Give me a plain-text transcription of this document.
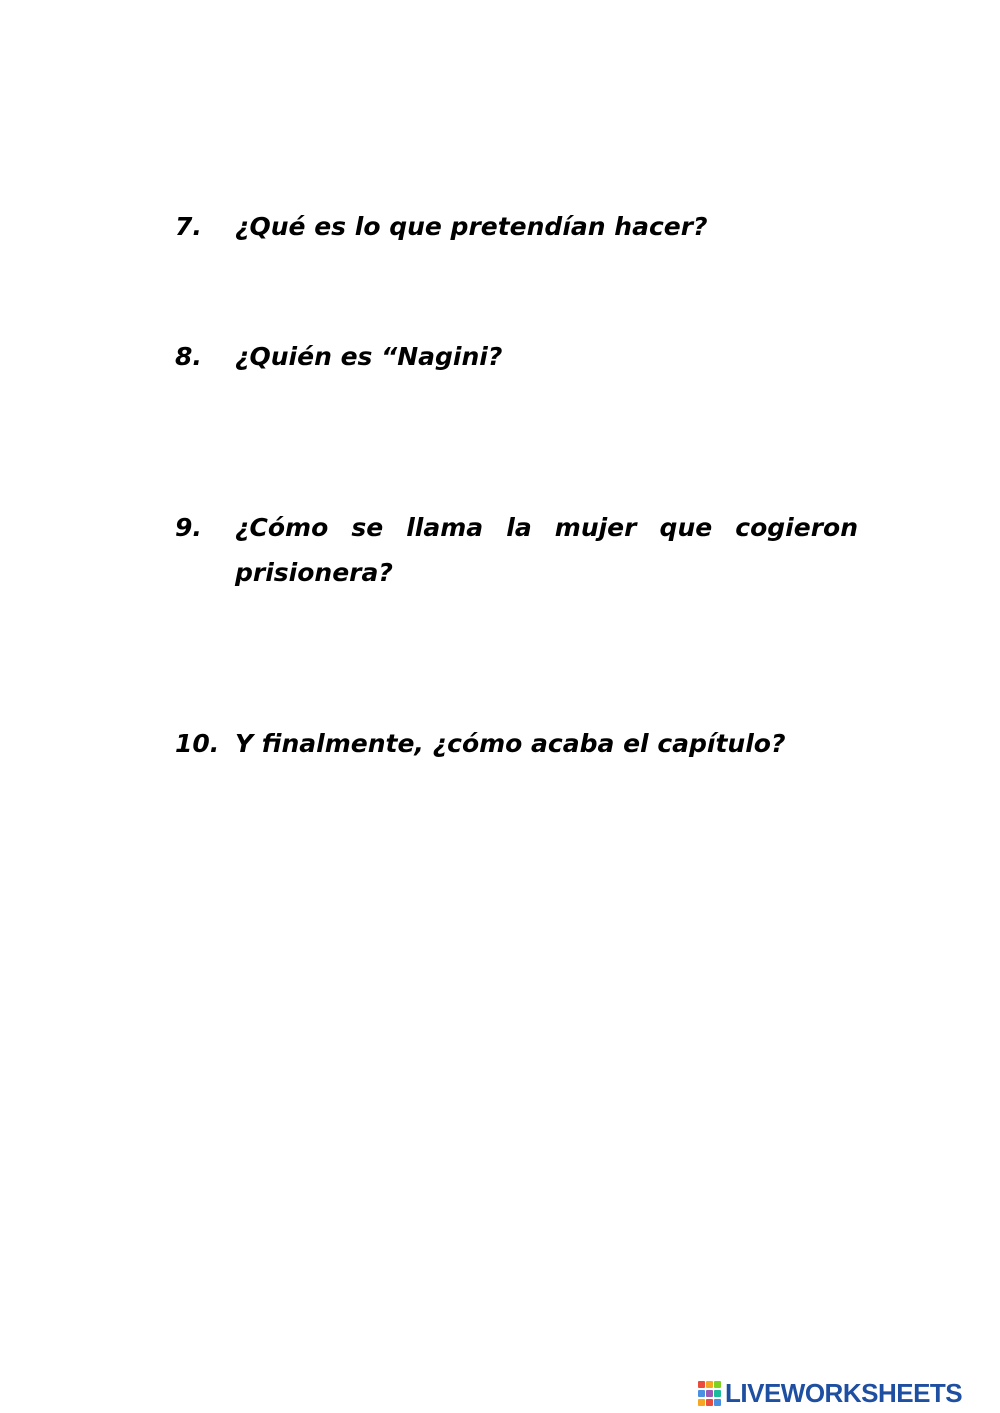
7.	¿Qué es lo que pretendían hacer?
8.	¿Quién es “Nagini?
9.	¿Cómo se llama la mujer que cogieron prisionera?
10. Y finalmente, ¿cómo acaba el capítulo?
LIVEWORKSHEETS
